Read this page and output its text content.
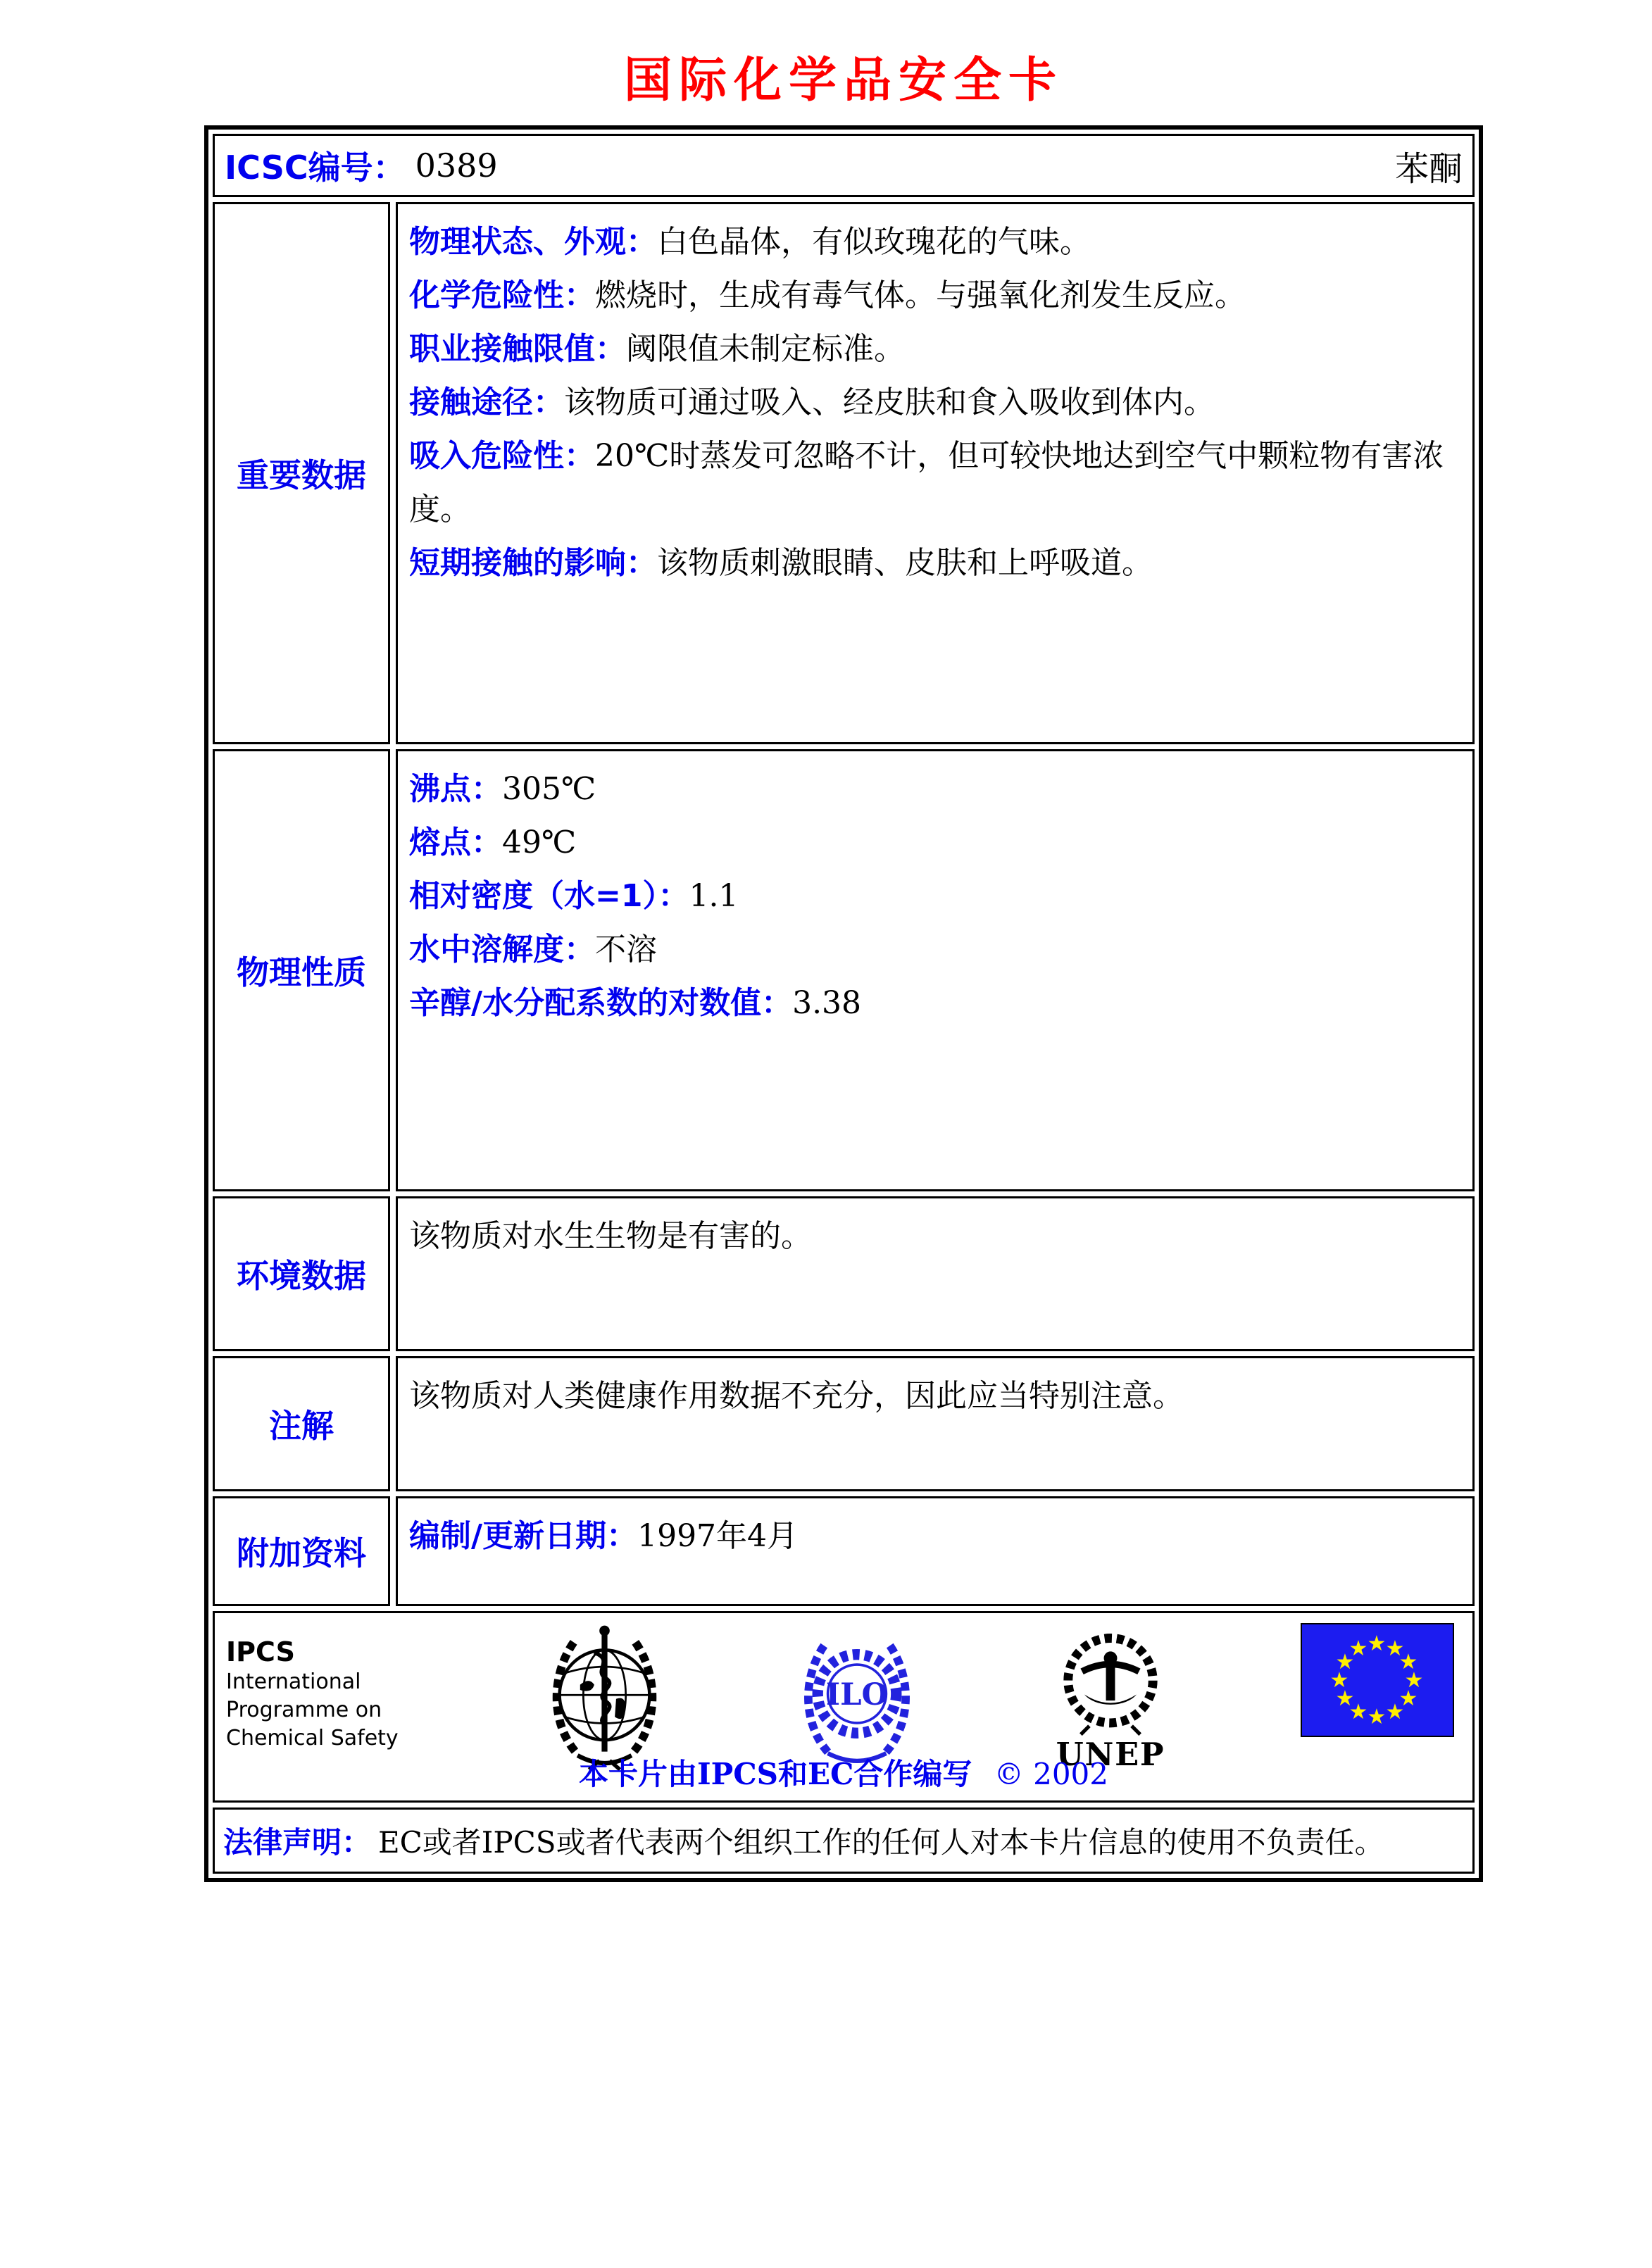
国际化学品安全卡
ICSC编号： 0389	苯酮
重要数据
物理状态、外观：白色晶体，有似玫瑰花的气味。
化学危险性：燃烧时，生成有毒气体。与强氧化剂发生反应。
职业接触限值：阈限值未制定标准。
接触途径：该物质可通过吸入、经皮肤和食入吸收到体内。
吸入危险性：20℃时蒸发可忽略不计，但可较快地达到空气中颗粒物有害浓度。
短期接触的影响：该物质刺激眼睛、皮肤和上呼吸道。
物理性质
沸点：305℃
熔点：49℃
相对密度（水=1）：1.1
水中溶解度：不溶
辛醇/水分配系数的对数值：3.38
环境数据
该物质对水生生物是有害的。
注解
该物质对人类健康作用数据不充分，因此应当特别注意。
附加资料	编制/更新日期：1997年4月
IPCS
International
Programme on
Chemical Safety
ILO
UNEP
★ ★
★
★
★
★
★
★
★
★
★
★
本卡片由IPCS和EC合作编写 © 2002
法律声明： EC或者IPCS或者代表两个组织工作的任何人对本卡片信息的使用不负责任。
